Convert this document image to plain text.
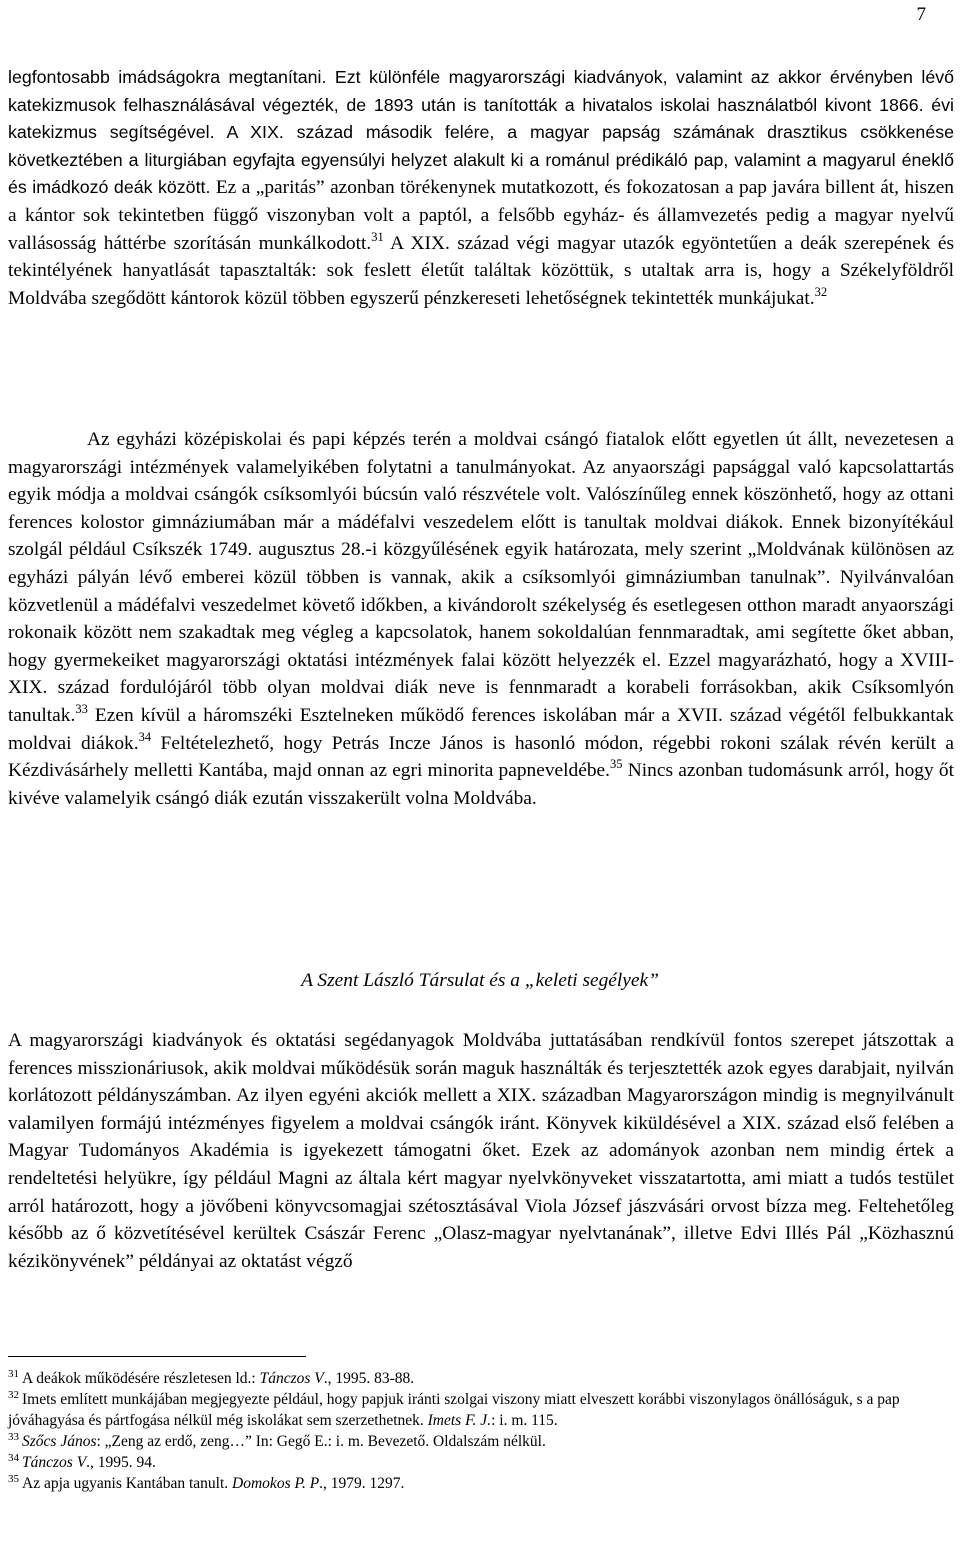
7

legfontosabb imádságokra megtanítani. Ezt különféle magyarországi kiadványok, valamint az akkor érvényben lévő katekizmusok felhasználásával végezték, de 1893 után is tanították a hivatalos iskolai használatból kivont 1866. évi katekizmus segítségével. A XIX. század második felére, a magyar papság számának drasztikus csökkenése következtében a liturgiában egyfajta egyensúlyi helyzet alakult ki a románul prédikáló pap, valamint a magyarul éneklő és imádkozó deák között. Ez a „paritás” azonban törékenynek mutatkozott, és fokozatosan a pap javára billent át, hiszen a kántor sok tekintetben függő viszonyban volt a paptól, a felsőbb egyház- és államvezetés pedig a magyar nyelvű vallásosság háttérbe szorításán munkálkodott.$^{31}$ A XIX. század végi magyar utazók egyöntetűen a deák szerepének és tekintélyének hanyatlását tapasztalták: sok feslett életűt találtak közöttük, s utaltak arra is, hogy a Székelyföldről Moldvába szegődött kántorok közül többen egyszerű pénzkereseti lehetőségnek tekintették munkájukat.$^{32}$

Az egyházi középiskolai és papi képzés terén a moldvai csángó fiatalok előtt egyetlen út állt, nevezetesen a magyarországi intézmények valamelyikében folytatni a tanulmányokat. Az anyaországi papsággal való kapcsolattartás egyik módja a moldvai csángók csíksomlyói búcsún való részvétele volt. Valószínűleg ennek köszönhető, hogy az ottani ferences kolostor gimnáziumában már a mádéfalvi veszedelem előtt is tanultak moldvai diákok. Ennek bizonyítékául szolgál például Csíkszék 1749. augusztus 28.-i közgyűlésének egyik határozata, mely szerint „Moldvának különösen az egyházi pályán lévő emberei közül többen is vannak, akik a csíksomlyói gimnáziumban tanulnak”. Nyilvánvalóan közvetlenül a mádéfalvi veszedelmet követő időkben, a kivándorolt székelység és esetlegesen otthon maradt anyaországi rokonaik között nem szakadtak meg végleg a kapcsolatok, hanem sokoldalúan fennmaradtak, ami segítette őket abban, hogy gyermekeiket magyarországi oktatási intézmények falai között helyezzék el. Ezzel magyarázható, hogy a XVIII-XIX. század fordulójáról több olyan moldvai diák neve is fennmaradt a korabeli forrásokban, akik Csíksomlyón tanultak.$^{33}$ Ezen kívül a háromszéki Esztelneken működő ferences iskolában már a XVII. század végétől felbukkantak moldvai diákok.$^{34}$ Feltételezhető, hogy Petrás Incze János is hasonló módon, régebbi rokoni szálak révén került a Kézdivásárhely melletti Kantába, majd onnan az egri minorita papneveldébe.$^{35}$ Nincs azonban tudomásunk arról, hogy őt kivéve valamelyik csángó diák ezután visszakerült volna Moldvába.

A Szent László Társulat és a „keleti segélyek”

A magyarországi kiadványok és oktatási segédanyagok Moldvába juttatásában rendkívül fontos szerepet játszottak a ferences misszionáriusok, akik moldvai működésük során maguk használták és terjesztették azok egyes darabjait, nyilván korlátozott példányszámban. Az ilyen egyéni akciók mellett a XIX. században Magyarországon mindig is megnyilvánult valamilyen formájú intézményes figyelem a moldvai csángók iránt. Könyvek kiküldésével a XIX. század első felében a Magyar Tudományos Akadémia is igyekezett támogatni őket. Ezek az adományok azonban nem mindig értek a rendeltetési helyükre, így például Magni az általa kért magyar nyelvkönyveket visszatartotta, ami miatt a tudós testület arról határozott, hogy a jövőbeni könyvcsomagjai szétosztásával Viola József jászvásári orvost bízza meg. Feltehetőleg később az ő közvetítésével kerültek Császár Ferenc „Olasz-magyar nyelvtanának”, illetve Edvi Illés Pál „Közhasznú kézikönyvének” példányai az oktatást végző

$^{31}$ A deákok működésére részletesen ld.: Tánczos V., 1995. 83-88.

$^{32}$ Imets említett munkájában megjegyezte például, hogy papjuk iránti szolgai viszony miatt elveszett korábbi viszonylagos önállóságuk, s a pap jóváhagyása és pártfogása nélkül még iskolákat sem szerzethetnek. Imets F. J.: i. m. 115.

$^{33}$ Szőcs János: „Zeng az erdő, zeng…” In: Gegő E.: i. m. Bevezető. Oldalszám nélkül.

$^{34}$ Tánczos V., 1995. 94.

$^{35}$ Az apja ugyanis Kantában tanult. Domokos P. P., 1979. 1297.
